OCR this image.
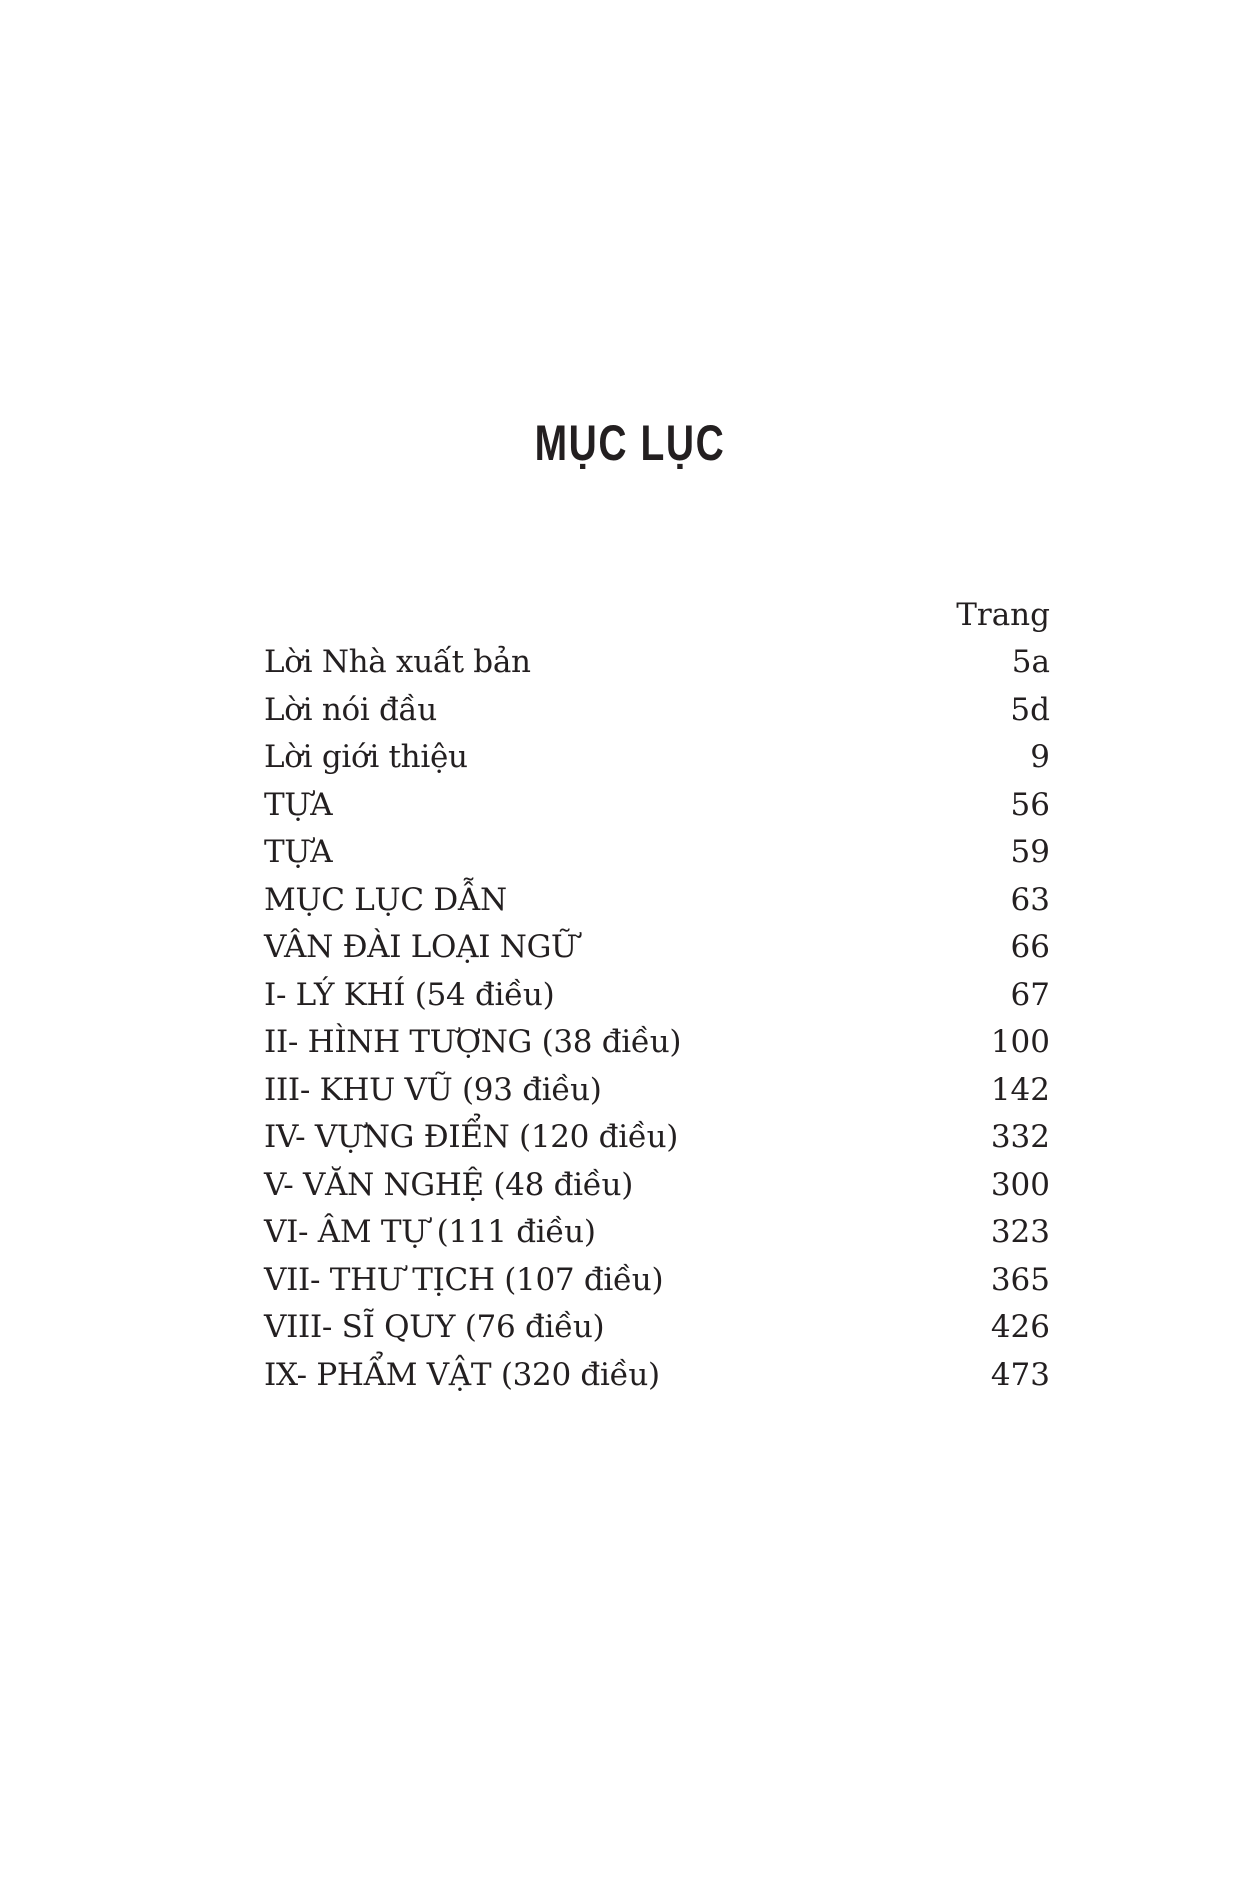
MỤC LỤC
Trang
Lời Nhà xuất bản	5a
Lời nói đầu	5d
Lời giới thiệu	9
TỰA	56
TỰA	59
MỤC LỤC DẪN	63
VÂN ĐÀI LOẠI NGỮ	66
I- LÝ KHÍ (54 điều)	67
II- HÌNH TƯỢNG (38 điều)	100
III- KHU VŨ (93 điều)	142
IV- VỰNG ĐIỂN (120 điều)	332
V- VĂN NGHỆ (48 điều)	300
VI- ÂM TỰ (111 điều)	323
VII- THƯ TỊCH (107 điều)	365
VIII- SĨ QUY (76 điều)	426
IX- PHẨM VẬT (320 điều)	473
